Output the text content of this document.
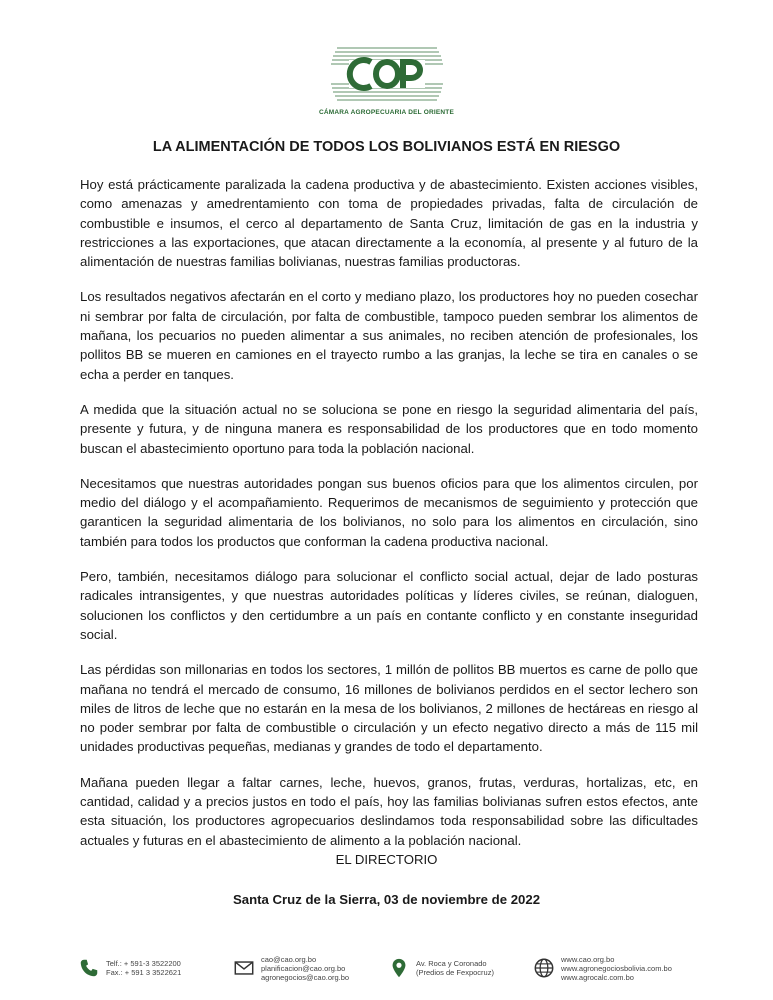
CÁMARA AGROPECUARIA DEL ORIENTE
LA ALIMENTACIÓN DE TODOS LOS BOLIVIANOS ESTÁ EN RIESGO

Hoy está prácticamente paralizada la cadena productiva y de abastecimiento. Existen acciones visibles, como amenazas y amedrentamiento con toma de propiedades privadas, falta de circulación de combustible e insumos, el cerco al departamento de Santa Cruz, limitación de gas en la industria y restricciones a las exportaciones, que atacan directamente a la economía, al presente y al futuro de la alimentación de nuestras familias bolivianas, nuestras familias productoras.

Los resultados negativos afectarán en el corto y mediano plazo, los productores hoy no pueden cosechar ni sembrar por falta de circulación, por falta de combustible, tampoco pueden sembrar los alimentos de mañana, los pecuarios no pueden alimentar a sus animales, no reciben atención de profesionales, los pollitos BB se mueren en camiones en el trayecto rumbo a las granjas, la leche se tira en canales o se echa a perder en tanques.

A medida que la situación actual no se soluciona se pone en riesgo la seguridad alimentaria del país, presente y futura, y de ninguna manera es responsabilidad de los productores que en todo momento buscan el abastecimiento oportuno para toda la población nacional.

Necesitamos que nuestras autoridades pongan sus buenos oficios para que los alimentos circulen, por medio del diálogo y el acompañamiento. Requerimos de mecanismos de seguimiento y protección que garanticen la seguridad alimentaria de los bolivianos, no solo para los alimentos en circulación, sino también para todos los productos que conforman la cadena productiva nacional.

Pero, también, necesitamos diálogo para solucionar el conflicto social actual, dejar de lado posturas radicales intransigentes, y que nuestras autoridades políticas y líderes civiles, se reúnan, dialoguen, solucionen los conflictos y den certidumbre a un país en contante conflicto y en constante inseguridad social.

Las pérdidas son millonarias en todos los sectores, 1 millón de pollitos BB muertos es carne de pollo que mañana no tendrá el mercado de consumo, 16 millones de bolivianos perdidos en el sector lechero son miles de litros de leche que no estarán en la mesa de los bolivianos, 2 millones de hectáreas en riesgo al no poder sembrar por falta de combustible o circulación y un efecto negativo directo a más de 115 mil unidades productivas pequeñas, medianas y grandes de todo el departamento.

Mañana pueden llegar a faltar carnes, leche, huevos, granos, frutas, verduras, hortalizas, etc, en cantidad, calidad y a precios justos en todo el país, hoy las familias bolivianas sufren estos efectos, ante esta situación, los productores agropecuarios deslindamos toda responsabilidad sobre las dificultades actuales y futuras en el abastecimiento de alimento a la población nacional.

EL DIRECTORIO
Santa Cruz de la Sierra, 03 de noviembre de 2022
Telf.: + 591-3 3522200
Fax.: + 591 3 3522621
cao@cao.org.bo
planificacion@cao.org.bo
agronegocios@cao.org.bo
Av. Roca y Coronado
(Predios de Fexpocruz)
www.cao.org.bo
www.agronegociosbolivia.com.bo
www.agrocalc.com.bo
